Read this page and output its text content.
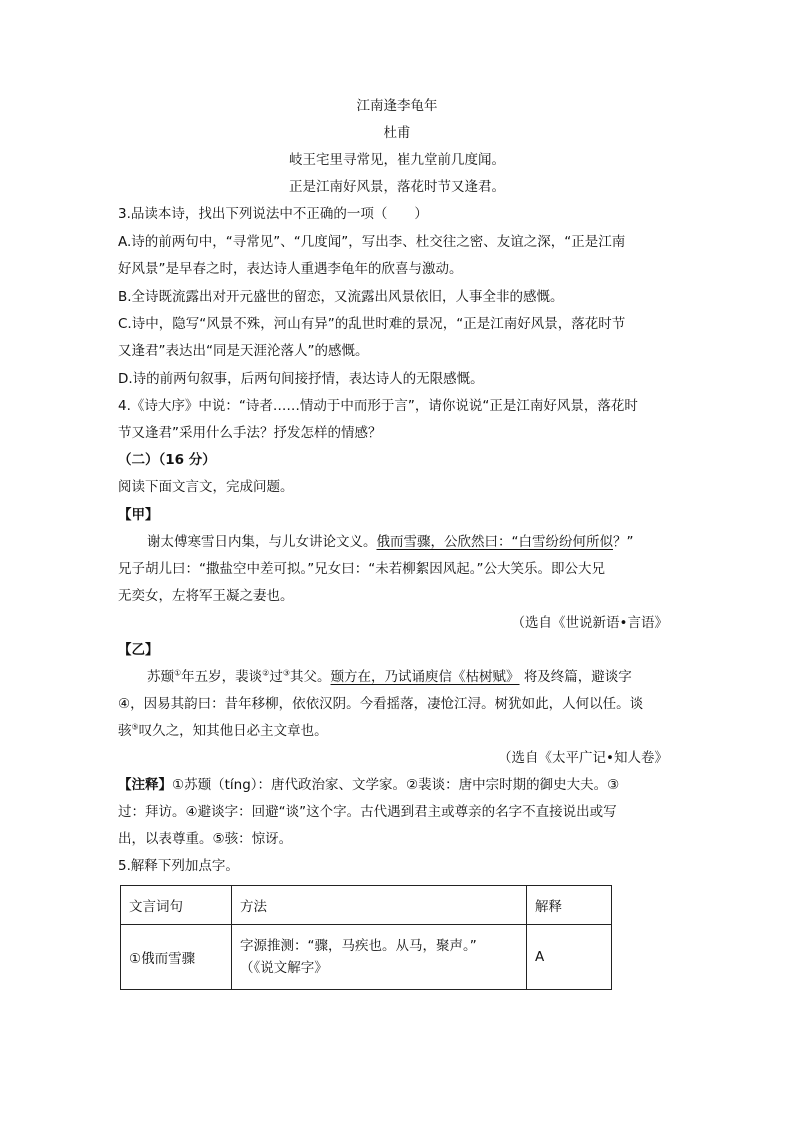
江南逢李龟年
杜甫
岐王宅里寻常见，崔九堂前几度闻。
正是江南好风景，落花时节又逢君。
3.品读本诗，找出下列说法中不正确的一项（　　）
A.诗的前两句中，“寻常见”、“几度闻”，写出李、杜交往之密、友谊之深，“正是江南
好风景”是早春之时，表达诗人重遇李龟年的欣喜与激动。
B.全诗既流露出对开元盛世的留恋，又流露出风景依旧，人事全非的感慨。
C.诗中，隐写“风景不殊，河山有异”的乱世时难的景况，“正是江南好风景，落花时节
又逢君”表达出“同是天涯沦落人”的感慨。
D.诗的前两句叙事，后两句间接抒情，表达诗人的无限感慨。
4.《诗大序》中说：“诗者……情动于中而形于言”，请你说说“正是江南好风景，落花时
节又逢君”采用什么手法？抒发怎样的情感？
（二）（16 分）
阅读下面文言文，完成问题。
【甲】
谢太傅寒雪日内集，与儿女讲论文义。俄而雪骤，公欣然曰：“白雪纷纷何所似？”
兄子胡儿曰：“撒盐空中差可拟。”兄女曰：“未若柳絮因风起。”公大笑乐。即公大兄
无奕女，左将军王凝之妻也。
（选自《世说新语•言语》
【乙】
苏颋①年五岁，裴谈②过③其父。颋方在，乃试诵庾信《枯树赋》 将及终篇，避谈字
④，因易其韵曰：昔年移柳，依依汉阴。今看摇落，凄怆江浔。树犹如此，人何以任。谈
骇⑤叹久之，知其他日必主文章也。
（选自《太平广记•知人卷》
【注释】①苏颋（tíng）：唐代政治家、文学家。②裴谈：唐中宗时期的御史大夫。③
过：拜访。④避谈字：回避“谈”这个字。古代遇到君主或尊亲的名字不直接说出或写
出，以表尊重。⑤骇：惊讶。
5.解释下列加点字。
文言词句	方法	解释
①俄而雪骤	字源推测：“骤，马疾也。从马，聚声。”
（《说文解字》	A
